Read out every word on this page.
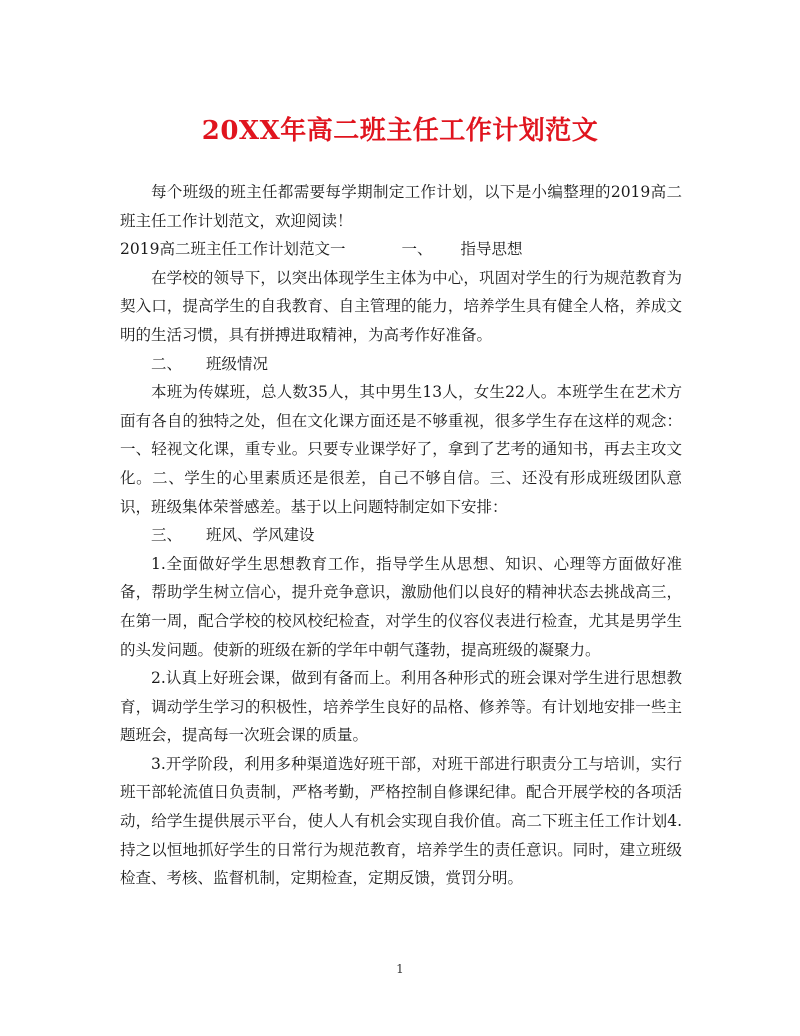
20XX年高二班主任工作计划范文

每个班级的班主任都需要每学期制定工作计划，以下是小编整理的2019高二班主任工作计划范文，欢迎阅读！

2019高二班主任工作计划范文一	一、 指导思想

在学校的领导下，以突出体现学生主体为中心，巩固对学生的行为规范教育为契入口，提高学生的自我教育、自主管理的能力，培养学生具有健全人格，养成文明的生活习惯，具有拼搏进取精神，为高考作好准备。

二、 班级情况

本班为传媒班，总人数35人，其中男生13人，女生22人。本班学生在艺术方面有各自的独特之处，但在文化课方面还是不够重视，很多学生存在这样的观念：一、轻视文化课，重专业。只要专业课学好了，拿到了艺考的通知书，再去主攻文化。二、学生的心里素质还是很差，自己不够自信。三、还没有形成班级团队意识，班级集体荣誉感差。基于以上问题特制定如下安排：

三、 班风、学风建设

1.全面做好学生思想教育工作，指导学生从思想、知识、心理等方面做好准备，帮助学生树立信心，提升竞争意识，激励他们以良好的精神状态去挑战高三，在第一周，配合学校的校风校纪检查，对学生的仪容仪表进行检查，尤其是男学生的头发问题。使新的班级在新的学年中朝气蓬勃，提高班级的凝聚力。

2.认真上好班会课，做到有备而上。利用各种形式的班会课对学生进行思想教育，调动学生学习的积极性，培养学生良好的品格、修养等。有计划地安排一些主题班会，提高每一次班会课的质量。

3.开学阶段，利用多种渠道选好班干部，对班干部进行职责分工与培训，实行班干部轮流值日负责制，严格考勤，严格控制自修课纪律。配合开展学校的各项活动，给学生提供展示平台，使人人有机会实现自我价值。高二下班主任工作计划4.持之以恒地抓好学生的日常行为规范教育，培养学生的责任意识。同时，建立班级检查、考核、监督机制，定期检查，定期反馈，赏罚分明。

1
